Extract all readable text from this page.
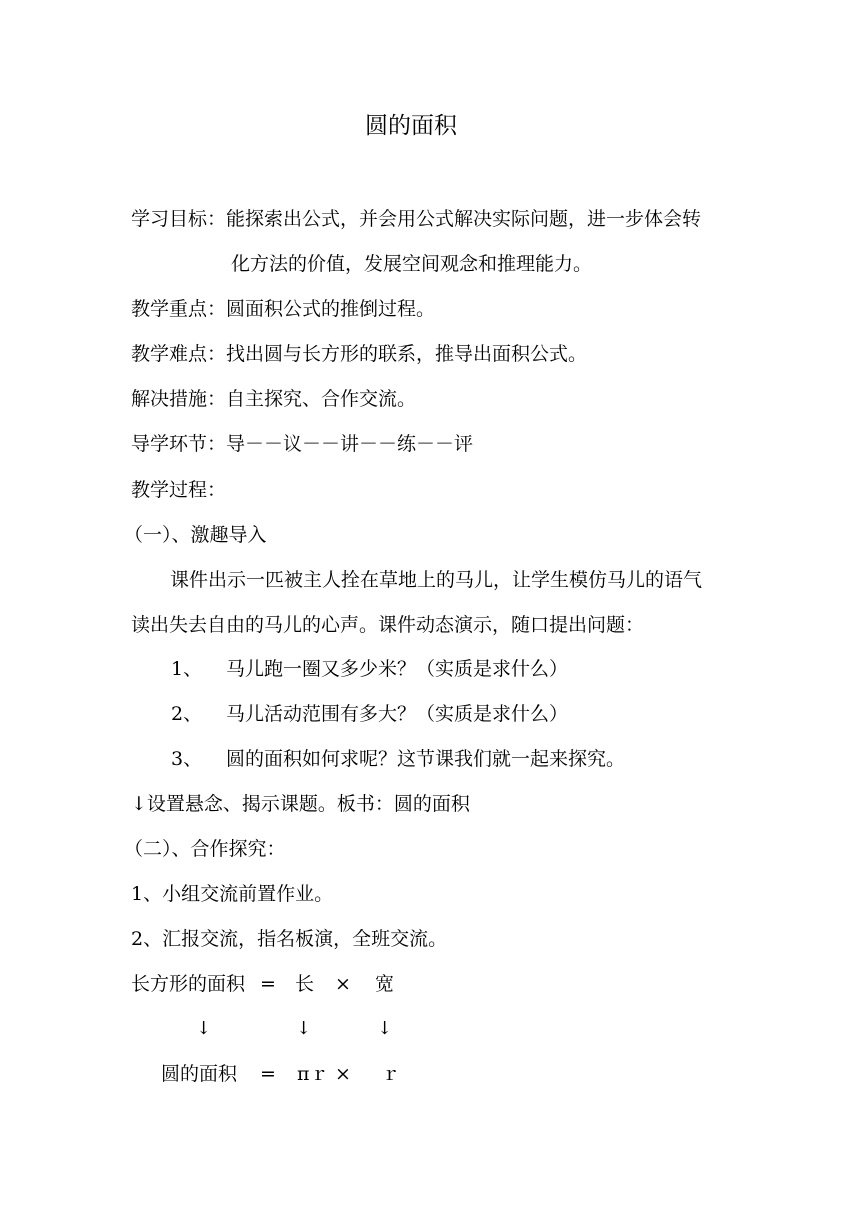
圆的面积
学习目标： 能探索出公式，并会用公式解决实际问题，进一步体会转
化方法的价值，发展空间观念和推理能力。
教学重点：圆面积公式的推倒过程。
教学难点：找出圆与长方形的联系，推导出面积公式。
解决措施：自主探究、合作交流。
导学环节：导－－议－－讲－－练－－评
教学过程：
（一）、激趣导入
课件出示一匹被主人拴在草地上的马儿，让学生模仿马儿的语气
读出失去自由的马儿的心声。课件动态演示，随口提出问题：
1、 马儿跑一圈又多少米？（实质是求什么）
2、 马儿活动范围有多大？（实质是求什么）
3、 圆的面积如何求呢？这节课我们就一起来探究。
↓设置悬念、揭示课题。板书：圆的面积
（二）、合作探究：
1、小组交流前置作业。
2、汇报交流，指名板演，全班交流。
长方形的面积 = 长 × 宽
↓	↓	↓
圆的面积 = πｒ × ｒ
